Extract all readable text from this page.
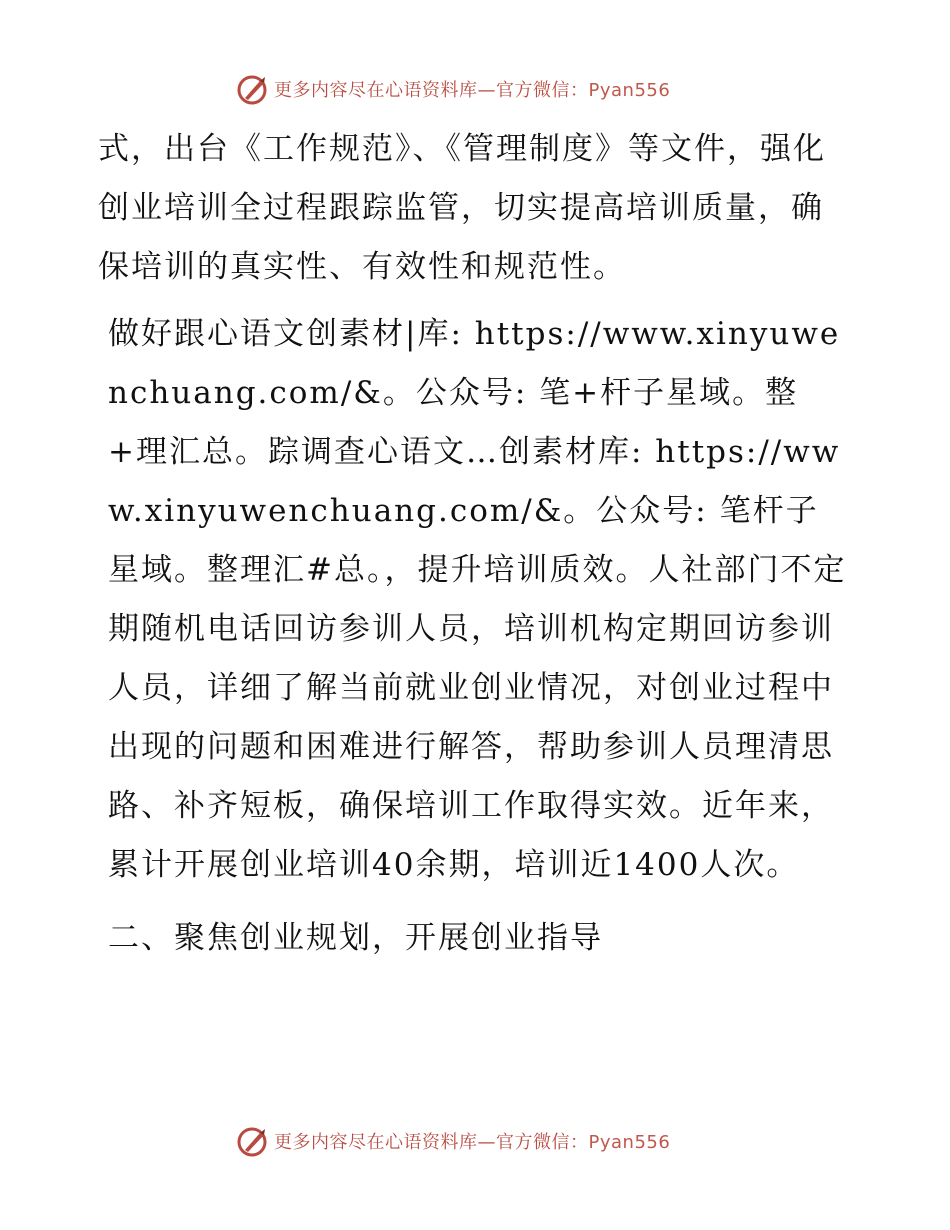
更多内容尽在心语资料库—官方微信：Pyan556

式，出台《工作规范》、《管理制度》等文件，强化创业培训全过程跟踪监管，切实提高培训质量，确保培训的真实性、有效性和规范性。

做好跟心语文创素材|库: https://www.xinyuwenchuang.com/&。公众号: 笔+杆子星域。整+理汇总。踪调查心语文…创素材库: https://www.xinyuwenchuang.com/&。公众号: 笔杆子星域。整理汇#总。，提升培训质效。人社部门不定期随机电话回访参训人员，培训机构定期回访参训人员，详细了解当前就业创业情况，对创业过程中出现的问题和困难进行解答，帮助参训人员理清思路、补齐短板，确保培训工作取得实效。近年来，累计开展创业培训40余期，培训近1400人次。

二、聚焦创业规划，开展创业指导

更多内容尽在心语资料库—官方微信：Pyan556
